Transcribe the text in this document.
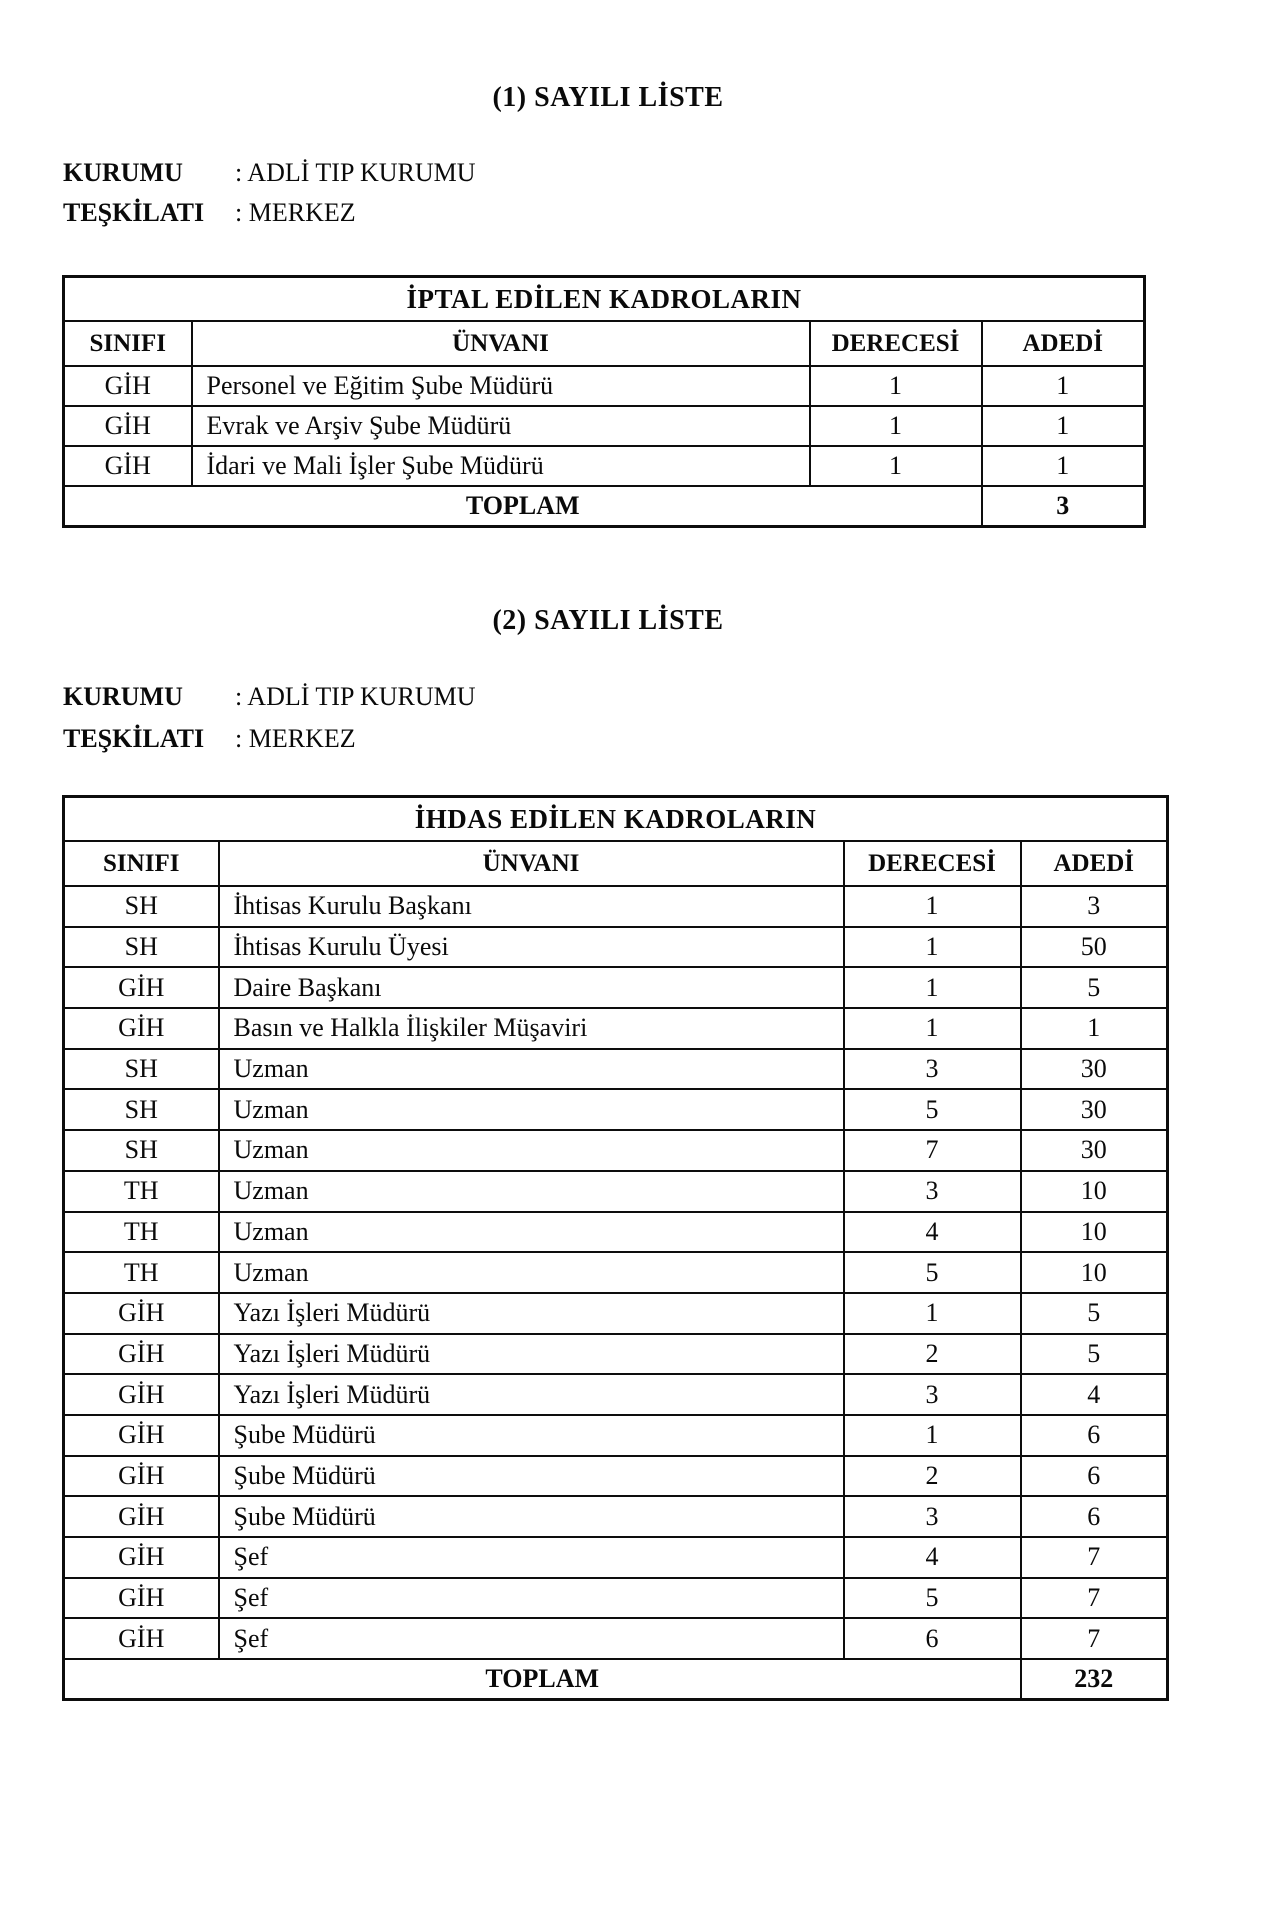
(1) SAYILI LİSTE
KURUMU : ADLİ TIP KURUMU
TEŞKİLATI : MERKEZ
İPTAL EDİLEN KADROLARIN			
SINIFI	ÜNVANI	DERECESİ	ADEDİ
GİH	Personel ve Eğitim Şube Müdürü	1	1
GİH	Evrak ve Arşiv Şube Müdürü	1	1
GİH	İdari ve Mali İşler Şube Müdürü	1	1
TOPLAM			3
(2) SAYILI LİSTE
KURUMU : ADLİ TIP KURUMU
TEŞKİLATI : MERKEZ
İHDAS EDİLEN KADROLARIN			
SINIFI	ÜNVANI	DERECESİ	ADEDİ
SH	İhtisas Kurulu Başkanı	1	3
SH	İhtisas Kurulu Üyesi	1	50
GİH	Daire Başkanı	1	5
GİH	Basın ve Halkla İlişkiler Müşaviri	1	1
SH	Uzman	3	30
SH	Uzman	5	30
SH	Uzman	7	30
TH	Uzman	3	10
TH	Uzman	4	10
TH	Uzman	5	10
GİH	Yazı İşleri Müdürü	1	5
GİH	Yazı İşleri Müdürü	2	5
GİH	Yazı İşleri Müdürü	3	4
GİH	Şube Müdürü	1	6
GİH	Şube Müdürü	2	6
GİH	Şube Müdürü	3	6
GİH	Şef	4	7
GİH	Şef	5	7
GİH	Şef	6	7
TOPLAM			232
